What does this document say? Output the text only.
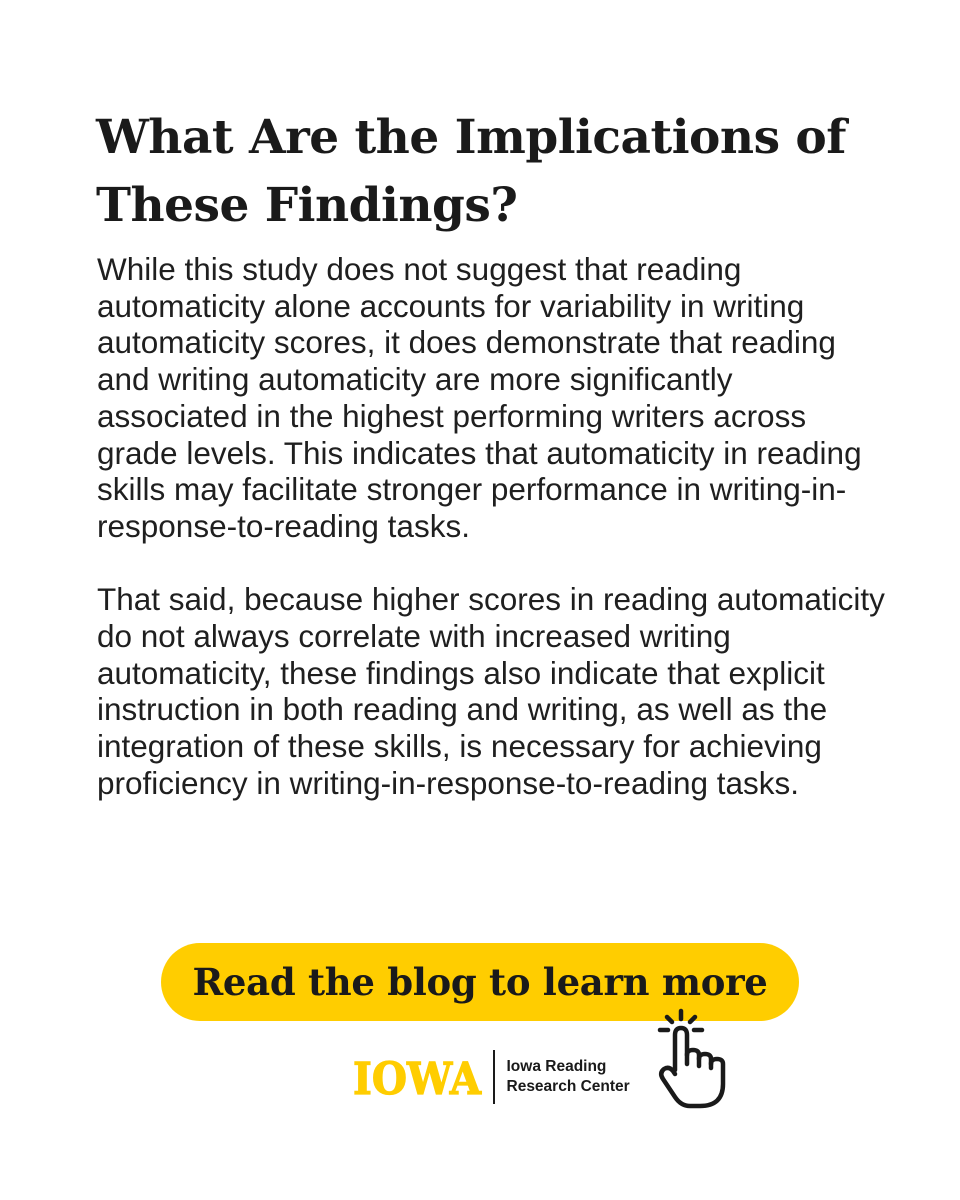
What Are the Implications of These Findings?

While this study does not suggest that reading automaticity alone accounts for variability in writing automaticity scores, it does demonstrate that reading and writing automaticity are more significantly associated in the highest performing writers across grade levels. This indicates that automaticity in reading skills may facilitate stronger performance in writing-in-response-to-reading tasks.

That said, because higher scores in reading automaticity do not always correlate with increased writing automaticity, these findings also indicate that explicit instruction in both reading and writing, as well as the integration of these skills, is necessary for achieving proficiency in writing-in-response-to-reading tasks.

Read the blog to learn more
IOWA Iowa Reading
Research Center
